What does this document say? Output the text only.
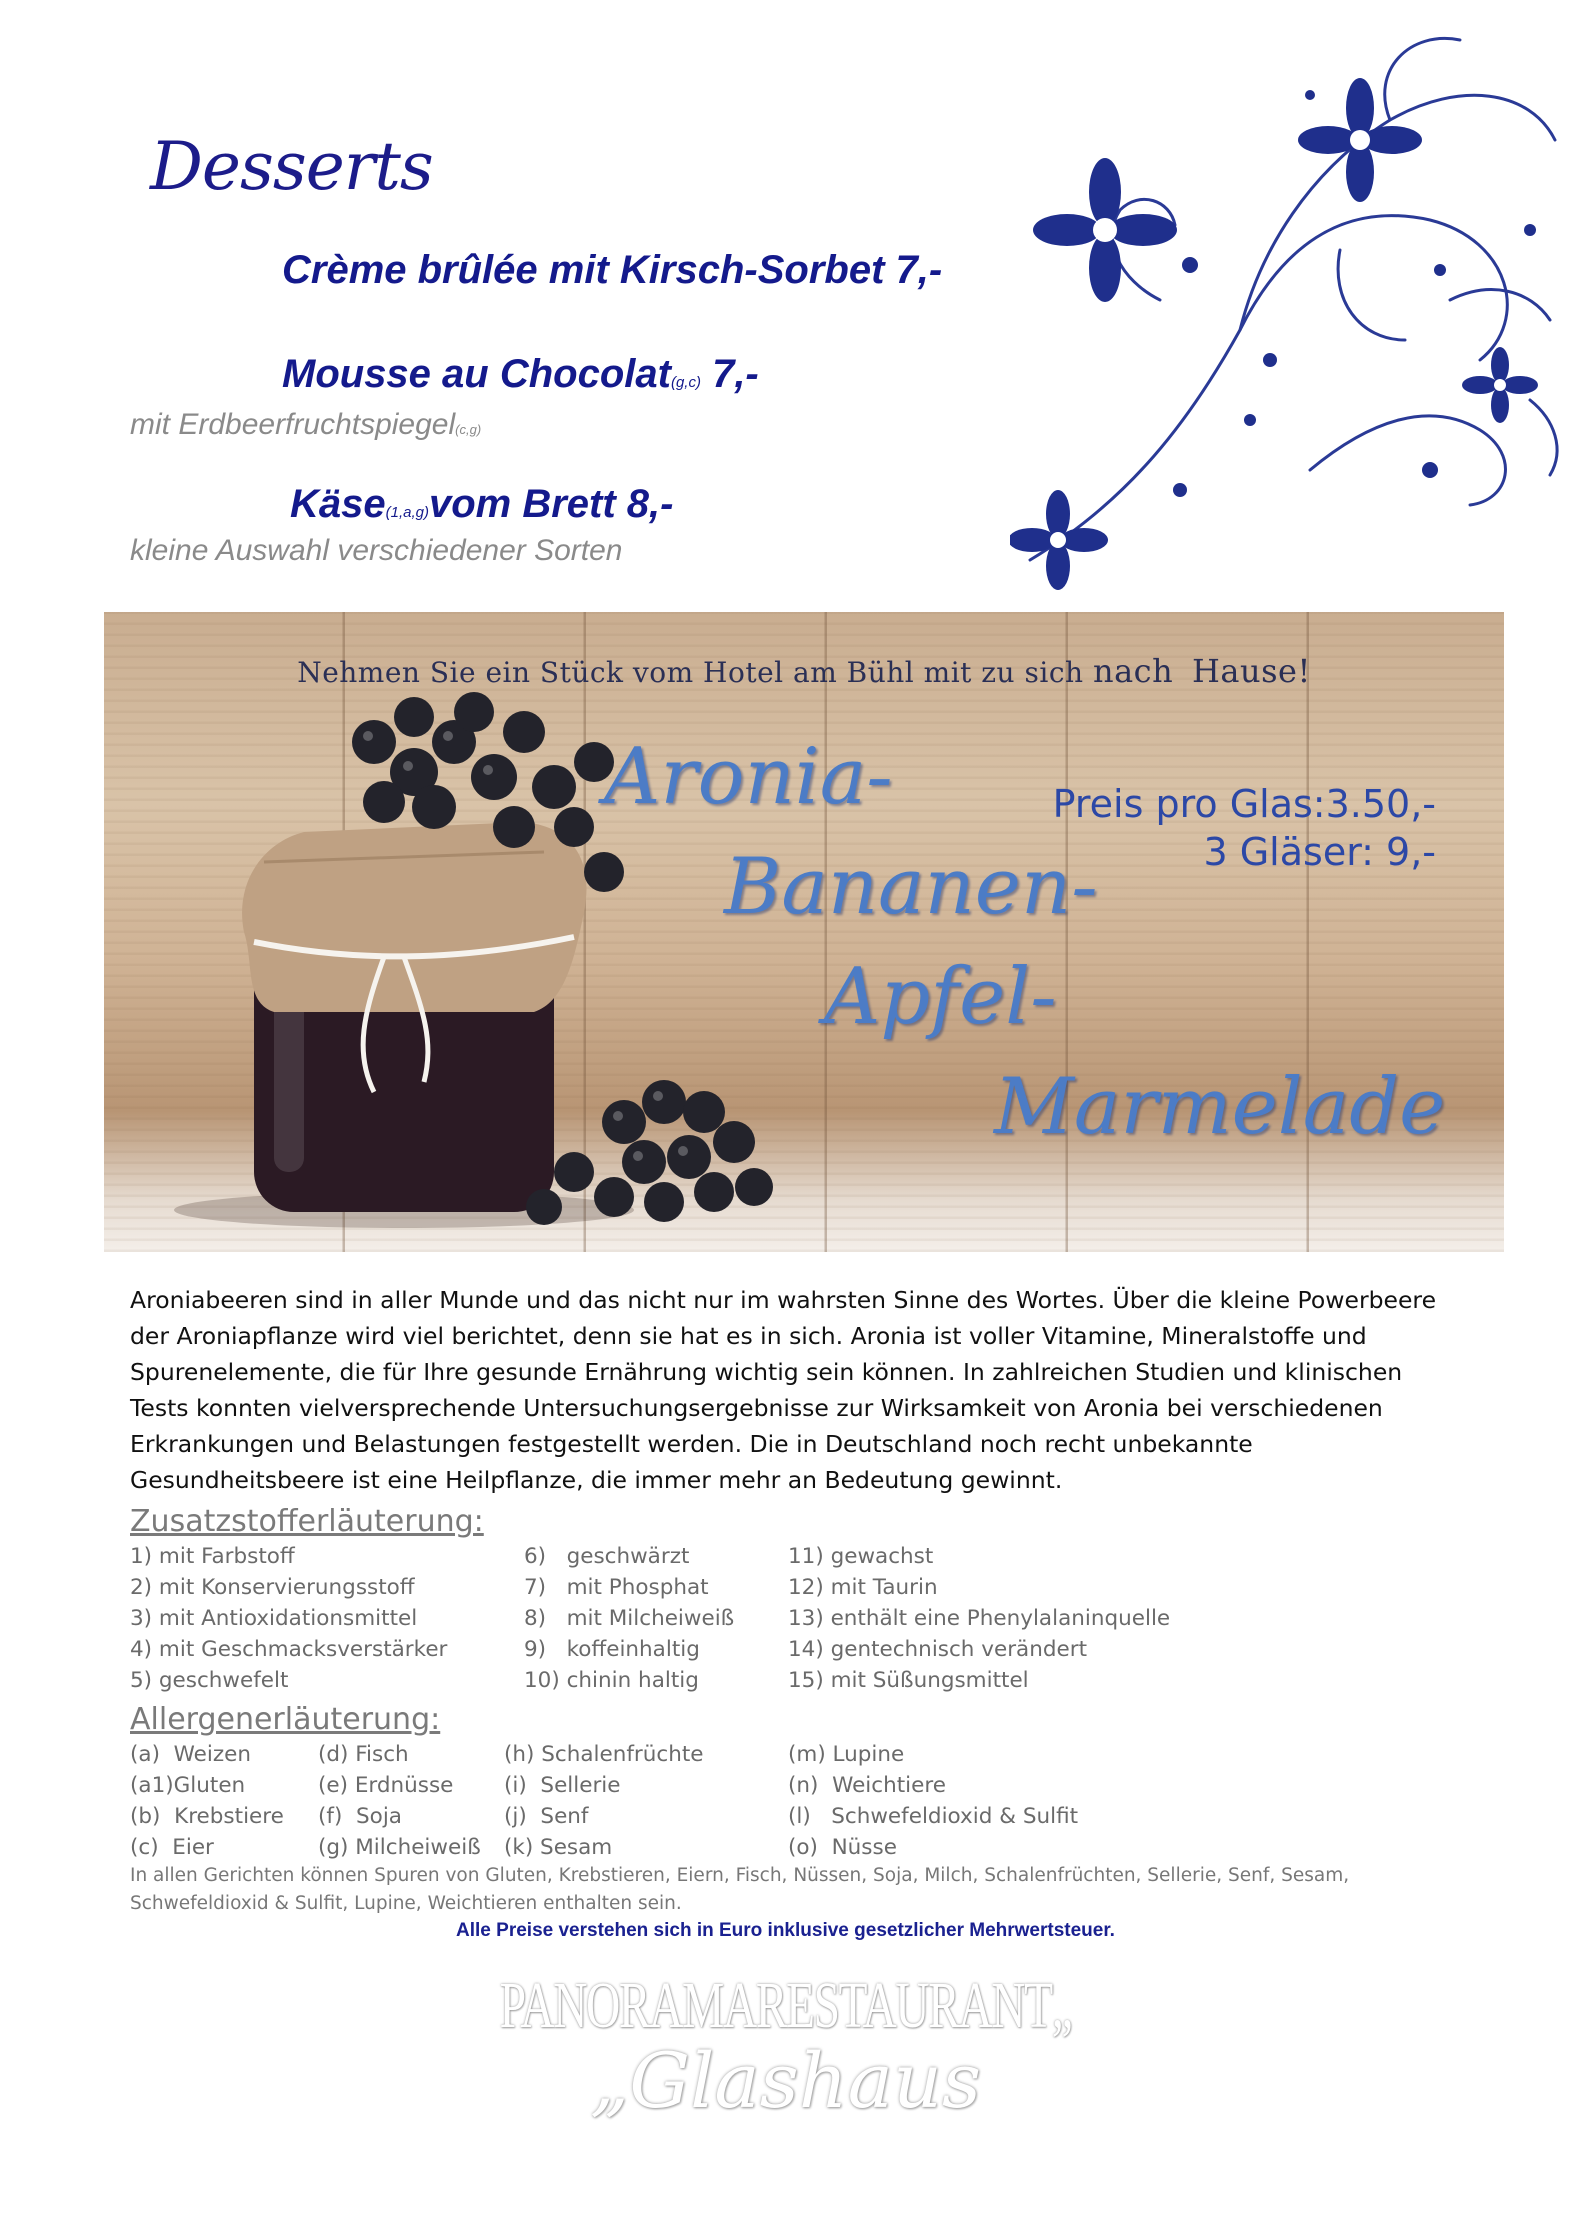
Desserts
Crème brûlée mit Kirsch-Sorbet 7,-
Mousse au Chocolat(g,c) 7,-
mit Erdbeerfruchtspiegel(c,g)
Käse(1,a,g)vom Brett 8,-
kleine Auswahl verschiedener Sorten
Nehmen Sie ein Stück vom Hotel am Bühl mit zu sich nach Hause!
Aronia-
Bananen-
Apfel-
Marmelade
Preis pro Glas:3.50,-
3 Gläser: 9,-
Aroniabeeren sind in aller Munde und das nicht nur im wahrsten Sinne des Wortes. Über die kleine Powerbeere der Aroniapflanze wird viel berichtet, denn sie hat es in sich. Aronia ist voller Vitamine, Mineralstoffe und Spurenelemente, die für Ihre gesunde Ernährung wichtig sein können. In zahlreichen Studien und klinischen Tests konnten vielversprechende Untersuchungsergebnisse zur Wirksamkeit von Aronia bei verschiedenen Erkrankungen und Belastungen festgestellt werden. Die in Deutschland noch recht unbekannte Gesundheitsbeere ist eine Heilpflanze, die immer mehr an Bedeutung gewinnt.
Zusatzstofferläuterung:
1) mit Farbstoff
2) mit Konservierungsstoff
3) mit Antioxidationsmittel
4) mit Geschmacksverstärker
5) geschwefelt
6)   geschwärzt
7)   mit Phosphat
8)   mit Milcheiweiß
9)   koffeinhaltig
10) chinin haltig
11) gewachst
12) mit Taurin
13) enthält eine Phenylalaninquelle
14) gentechnisch verändert
15) mit Süßungsmittel
Allergenerläuterung:
(a)  Weizen
(a1)Gluten
(b)  Krebstiere
(c)  Eier
(d) Fisch
(e) Erdnüsse
(f)  Soja
(g) Milcheiweiß
(h) Schalenfrüchte
(i)  Sellerie
(j)  Senf
(k) Sesam
(m) Lupine
(n)  Weichtiere
(l)   Schwefeldioxid & Sulfit
(o)  Nüsse
In allen Gerichten können Spuren von Gluten, Krebstieren, Eiern, Fisch, Nüssen, Soja, Milch, Schalenfrüchten, Sellerie, Senf, Sesam, Schwefeldioxid & Sulfit, Lupine, Weichtieren enthalten sein.
Alle Preise verstehen sich in Euro inklusive gesetzlicher Mehrwertsteuer.
PANORAMARESTAURANT„
„Glashaus
